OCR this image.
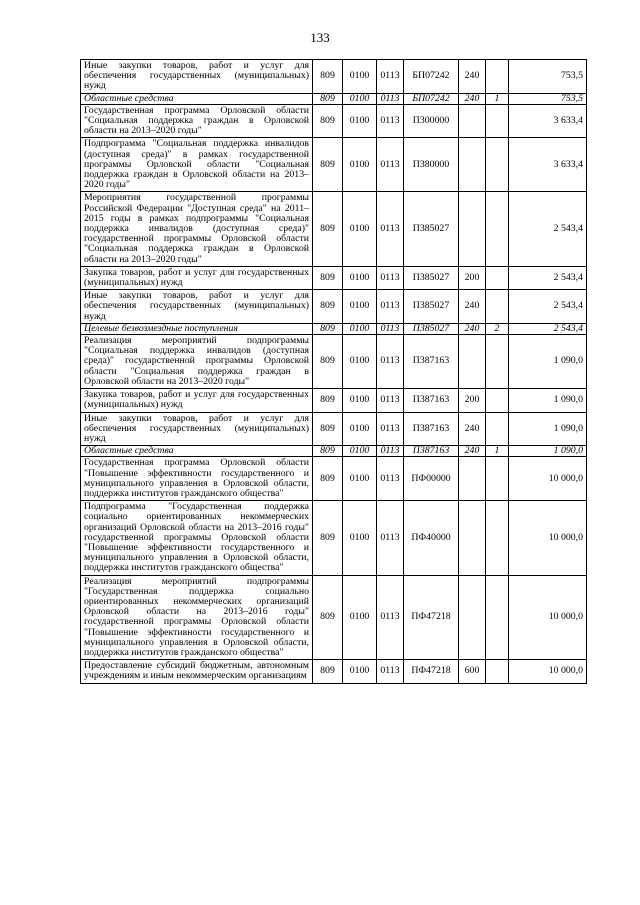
133
Иные закупки товаров, работ и услуг для обеспечения государственных (муниципальных) нужд	809	0100	0113	БП07242	240		753,5
Областные средства	809	0100	0113	БП07242	240	1	753,5
Государственная программа Орловской области "Социальная поддержка граждан в Орловской области на 2013–2020 годы"	809	0100	0113	П300000			3 633,4
Подпрограмма "Социальная поддержка инвалидов (доступная среда)" в рамках государственной программы Орловской области "Социальная поддержка граждан в Орловской области на 2013–2020 годы"	809	0100	0113	П380000			3 633,4
Мероприятия государственной программы Российской Федерации "Доступная среда" на 2011–2015 годы в рамках подпрограммы "Социальная поддержка инвалидов (доступная среда)" государственной программы Орловской области "Социальная поддержка граждан в Орловской области на 2013–2020 годы"	809	0100	0113	П385027			2 543,4
Закупка товаров, работ и услуг для государственных (муниципальных) нужд	809	0100	0113	П385027	200		2 543,4
Иные закупки товаров, работ и услуг для обеспечения государственных (муниципальных) нужд	809	0100	0113	П385027	240		2 543,4
Целевые безвозмездные поступления	809	0100	0113	П385027	240	2	2 543,4
Реализация мероприятий подпрограммы "Социальная поддержка инвалидов (доступная среда)" государственной программы Орловской области "Социальная поддержка граждан в Орловской области на 2013–2020 годы"	809	0100	0113	П387163			1 090,0
Закупка товаров, работ и услуг для государственных (муниципальных) нужд	809	0100	0113	П387163	200		1 090,0
Иные закупки товаров, работ и услуг для обеспечения государственных (муниципальных) нужд	809	0100	0113	П387163	240		1 090,0
Областные средства	809	0100	0113	П387163	240	1	1 090,0
Государственная программа Орловской области "Повышение эффективности государственного и муниципального управления в Орловской области, поддержка институтов гражданского общества"	809	0100	0113	ПФ00000			10 000,0
Подпрограмма "Государственная поддержка социально ориентированных некоммерческих организаций Орловской области на 2013–2016 годы" государственной программы Орловской области "Повышение эффективности государственного и муниципального управления в Орловской области, поддержка институтов гражданского общества"	809	0100	0113	ПФ40000			10 000,0
Реализация мероприятий подпрограммы "Государственная поддержка социально ориентированных некоммерческих организаций Орловской области на 2013–2016 годы" государственной программы Орловской области "Повышение эффективности государственного и муниципального управления в Орловской области, поддержка институтов гражданского общества"	809	0100	0113	ПФ47218			10 000,0
Предоставление субсидий бюджетным, автономным учреждениям и иным некоммерческим организациям	809	0100	0113	ПФ47218	600		10 000,0
